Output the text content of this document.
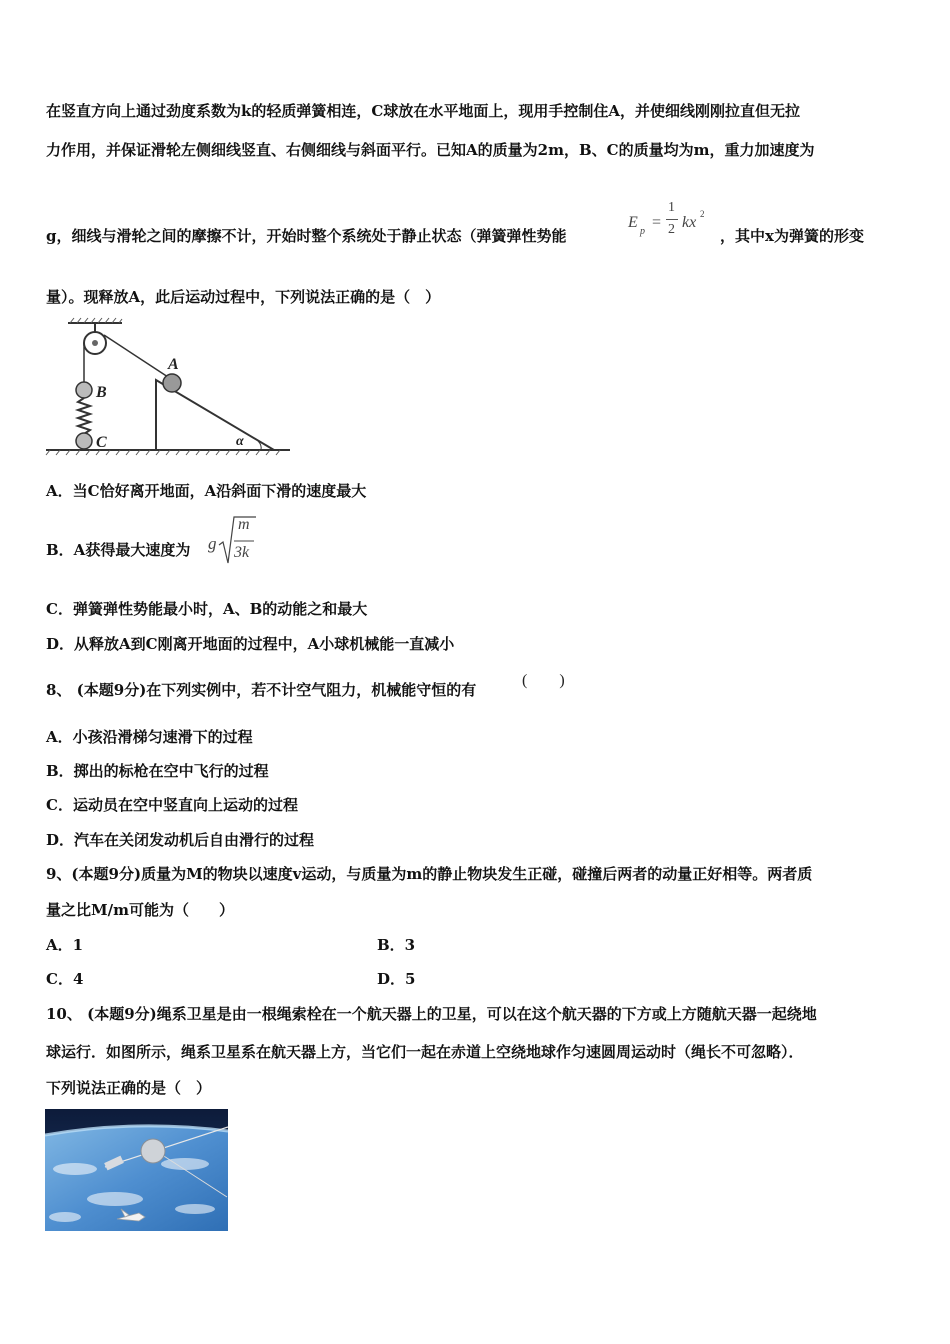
在竖直方向上通过劲度系数为k的轻质弹簧相连，C球放在水平地面上，现用手控制住A，并使细线刚刚拉直但无拉
力作用，并保证滑轮左侧细线竖直、右侧细线与斜面平行。已知A的质量为2m，B、C的质量均为m，重力加速度为
g，细线与滑轮之间的摩擦不计，开始时整个系统处于静止状态（弹簧弹性势能
E
p
=
1
2 kx 2
，其中x为弹簧的形变
量）。现释放A，此后运动过程中，下列说法正确的是（　）
A
B
C	α
A．当C恰好离开地面，A沿斜面下滑的速度最大
B．A获得最大速度为 g
m
3k
C．弹簧弹性势能最小时，A、B的动能之和最大
D．从释放A到C刚离开地面的过程中，A小球机械能一直减小
8、 (本题9分)在下列实例中，若不计空气阻力，机械能守恒的有
(　　)
A．小孩沿滑梯匀速滑下的过程
B．掷出的标枪在空中飞行的过程
C．运动员在空中竖直向上运动的过程
D．汽车在关闭发动机后自由滑行的过程
9、(本题9分)质量为M的物块以速度v运动，与质量为m的静止物块发生正碰，碰撞后两者的动量正好相等。两者质
量之比M/m可能为（　　）
A．1	B．3
C．4	D．5
10、 (本题9分)绳系卫星是由一根绳索栓在一个航天器上的卫星，可以在这个航天器的下方或上方随航天器一起绕地
球运行．如图所示，绳系卫星系在航天器上方，当它们一起在赤道上空绕地球作匀速圆周运动时（绳长不可忽略）．
下列说法正确的是（　）
